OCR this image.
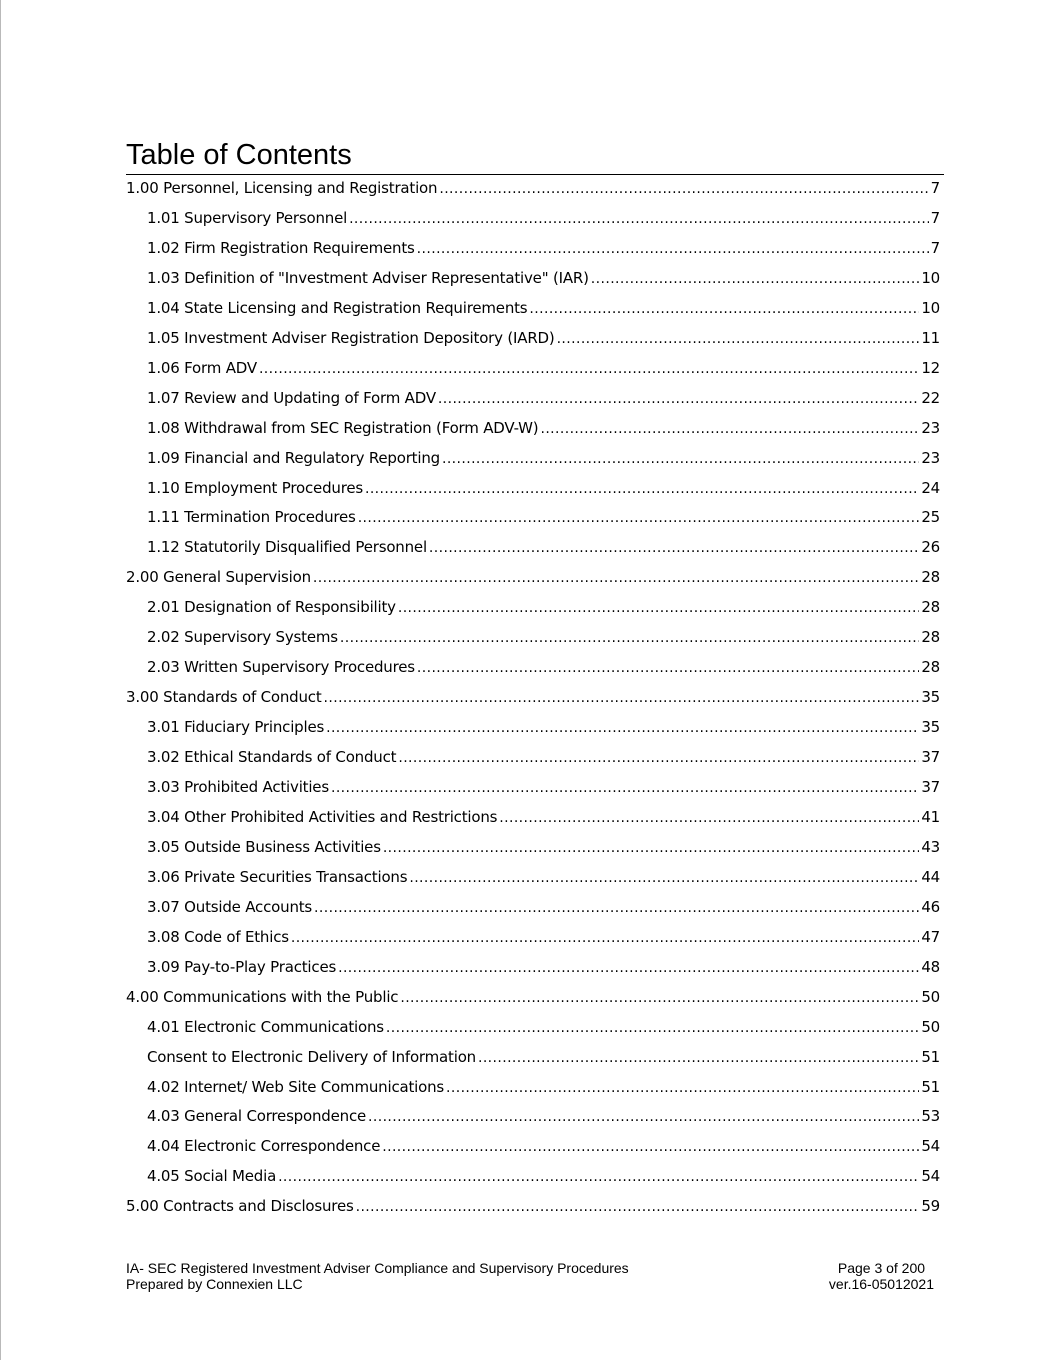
Table of Contents
1.00 Personnel, Licensing and Registration .....	7
1.01 Supervisory Personnel .....	7
1.02 Firm Registration Requirements .....	7
1.03 Definition of "Investment Adviser Representative" (IAR) .....	10
1.04 State Licensing and Registration Requirements .....	10
1.05 Investment Adviser Registration Depository (IARD) .....	11
1.06 Form ADV .....	12
1.07 Review and Updating of Form ADV .....	22
1.08 Withdrawal from SEC Registration (Form ADV-W) .....	23
1.09 Financial and Regulatory Reporting .....	23
1.10 Employment Procedures .....	24
1.11 Termination Procedures .....	25
1.12 Statutorily Disqualified Personnel .....	26
2.00 General Supervision .....	28
2.01 Designation of Responsibility .....	28
2.02 Supervisory Systems .....	28
2.03 Written Supervisory Procedures .....	28
3.00 Standards of Conduct .....	35
3.01 Fiduciary Principles .....	35
3.02 Ethical Standards of Conduct .....	37
3.03 Prohibited Activities .....	37
3.04 Other Prohibited Activities and Restrictions .....	41
3.05 Outside Business Activities .....	43
3.06 Private Securities Transactions .....	44
3.07 Outside Accounts .....	46
3.08 Code of Ethics .....	47
3.09 Pay-to-Play Practices .....	48
4.00 Communications with the Public .....	50
4.01 Electronic Communications .....	50
Consent to Electronic Delivery of Information .....	51
4.02 Internet/ Web Site Communications .....	51
4.03 General Correspondence .....	53
4.04 Electronic Correspondence .....	54
4.05 Social Media .....	54
5.00 Contracts and Disclosures .....	59
IA- SEC Registered Investment Adviser Compliance and Supervisory Procedures
Prepared by Connexien LLC
Page 3 of 200
ver.16-05012021
